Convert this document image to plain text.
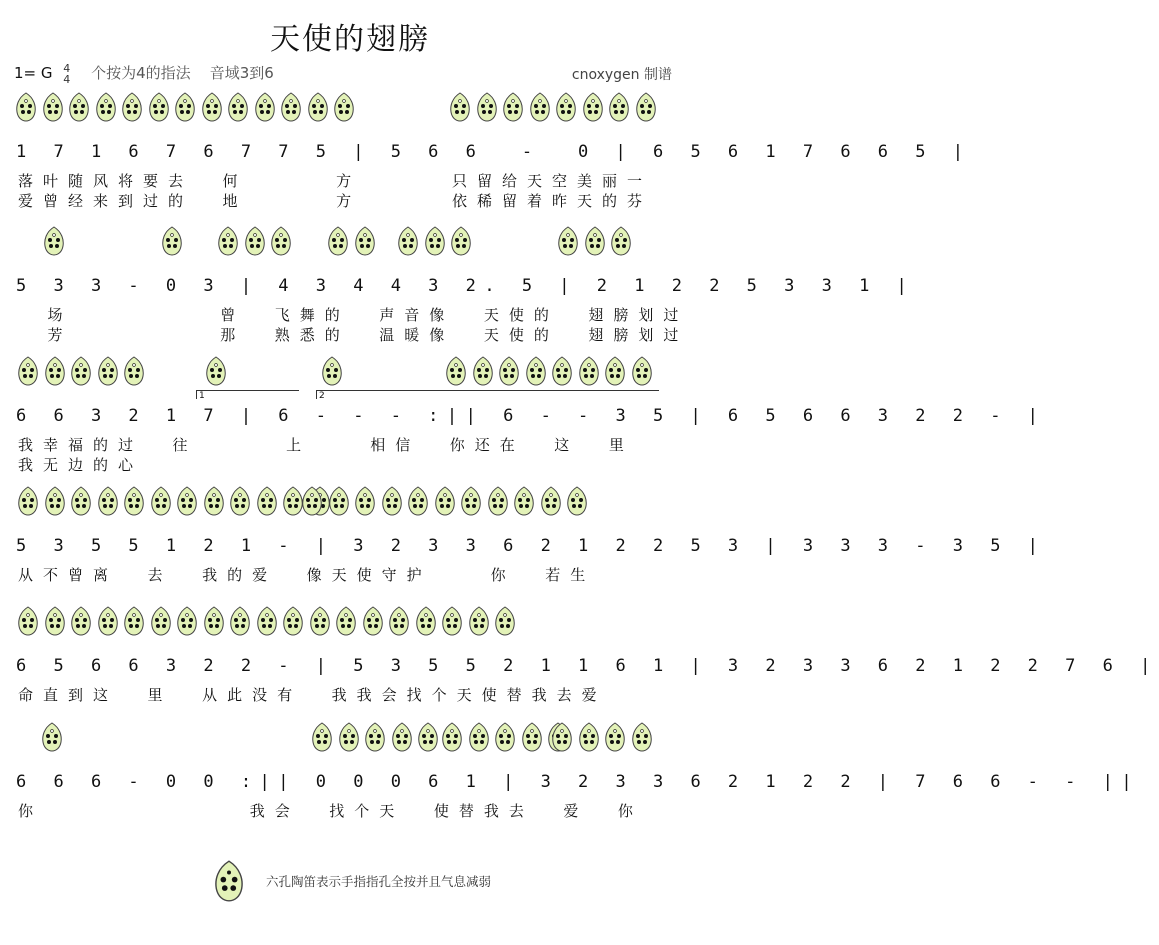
天使的翅膀
1= G 4
4 个按为4的指法 音域3到6	cnoxygen 制谱
1 7 1 6 7 6 7 7 5 | 5 6 6  -  0 | 6 5 6 1 7 6 6 5 |
落叶随风将要去  何      方	只留给天空美丽一
爱曾经来到过的  地      方	依稀留着昨天的芬
5 3 3 - 0 3 | 4 3 4 4 3 2. 5 | 2 1 2 2 5 3 3 1 |
场          曾  飞舞的  声音像  天使的  翅膀划过
芳          那  熟悉的  温暖像  天使的  翅膀划过
6 6 3 2 1 7 | 6 - - - :|| 6 - - 3 5 | 6 5 6 6 3 2 2 - |
我幸福的过  往      上    相信  你还在  这  里
我无边的心
5 3 5 5 1 2 1 - | 3 2 3 3 6 2 1 2 2 5 3 | 3 3 3 - 3 5 |
从不曾离  去  我的爱  像天使守护    你  若生
6 5 6 6 3 2 2 - | 5 3 5 5 2 1 1 6 1 | 3 2 3 3 6 2 1 2 2 7 6 |
命直到这  里  从此没有  我我会找个天使替我去爱
6 6 6 - 0 0 :|| 0 0 0 6 1 | 3 2 3 3 6 2 1 2 2 | 7 6 6 - - ||
你              我会  找个天  使替我去  爱  你
1	2
六孔陶笛表示手指指孔全按并且气息减弱
